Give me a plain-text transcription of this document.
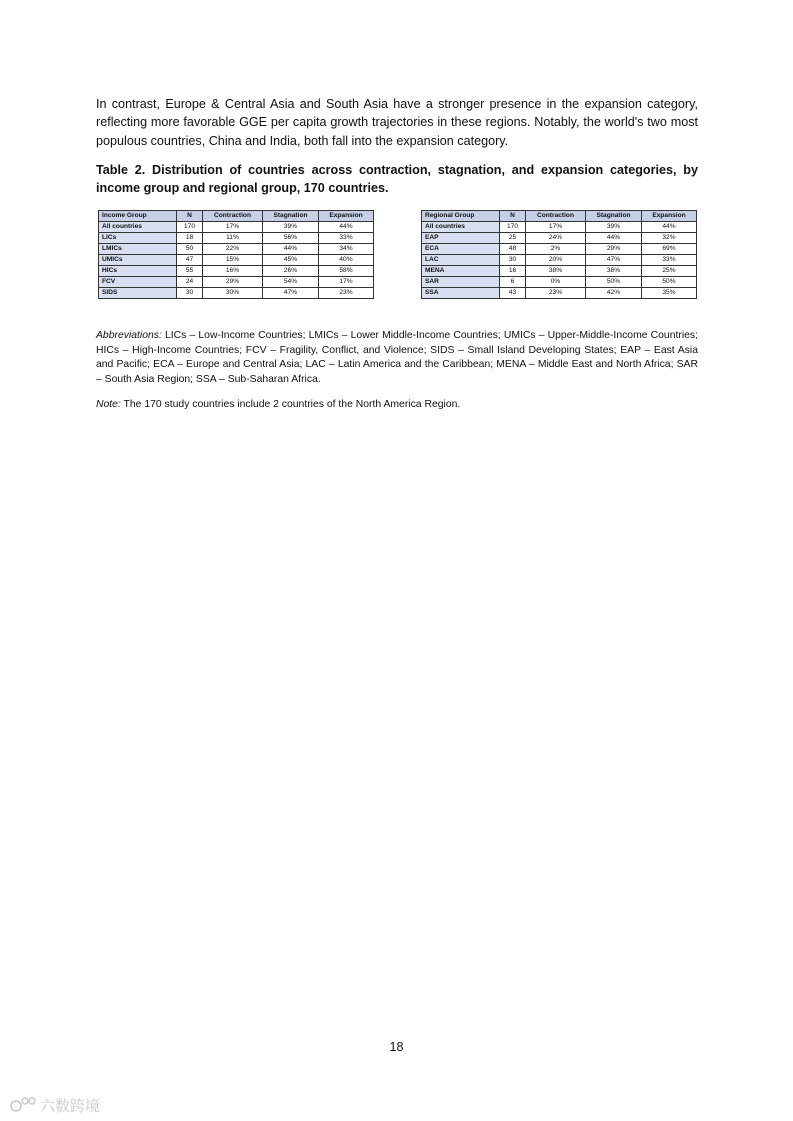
In contrast, Europe & Central Asia and South Asia have a stronger presence in the expansion category, reflecting more favorable GGE per capita growth trajectories in these regions. Notably, the world's two most populous countries, China and India, both fall into the expansion category.

Table 2. Distribution of countries across contraction, stagnation, and expansion categories, by income group and regional group, 170 countries.

Income Group	N	Contraction	Stagnation	Expansion
All countries	170	17%	39%	44%
LICs	18	11%	56%	33%
LMICs	50	22%	44%	34%
UMICs	47	15%	45%	40%
HICs	55	16%	26%	58%
FCV	24	29%	54%	17%
SIDS	30	30%	47%	23%
Regional Group	N	Contraction	Stagnation	Expansion
All countries	170	17%	39%	44%
EAP	25	24%	44%	32%
ECA	48	2%	29%	69%
LAC	30	20%	47%	33%
MENA	16	38%	38%	25%
SAR	6	0%	50%	50%
SSA	43	23%	42%	35%

Abbreviations: LICs – Low-Income Countries; LMICs – Lower Middle-Income Countries; UMICs – Upper-Middle-Income Countries; HICs – High-Income Countries; FCV – Fragility, Conflict, and Violence; SIDS – Small Island Developing States; EAP – East Asia and Pacific; ECA – Europe and Central Asia; LAC – Latin America and the Caribbean; MENA – Middle East and North Africa; SAR – South Asia Region; SSA – Sub-Saharan Africa.

Note: The 170 study countries include 2 countries of the North America Region.

18
六数跨境
